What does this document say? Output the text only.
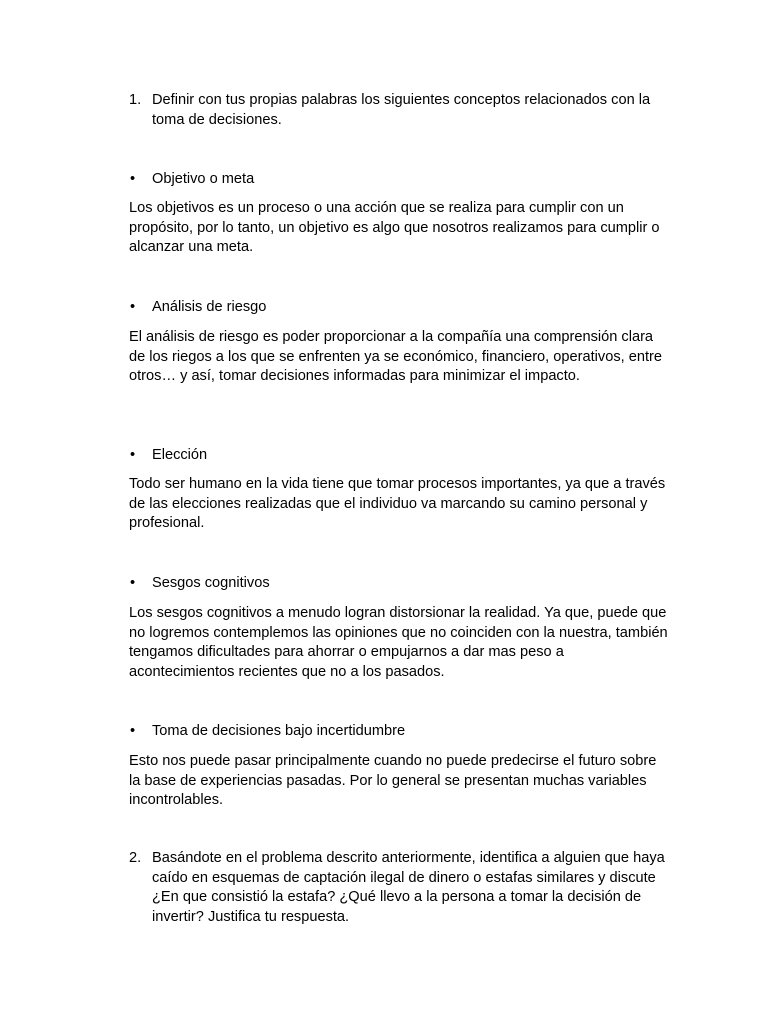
1. Definir con tus propias palabras los siguientes conceptos relacionados con la toma de decisiones.
• Objetivo o meta
Los objetivos es un proceso o una acción que se realiza para cumplir con un propósito, por lo tanto, un objetivo es algo que nosotros realizamos para cumplir o alcanzar una meta.
• Análisis de riesgo
El análisis de riesgo es poder proporcionar a la compañía una comprensión clara de los riegos a los que se enfrenten ya se económico, financiero, operativos, entre otros… y así, tomar decisiones informadas para minimizar el impacto.
• Elección
Todo ser humano en la vida tiene que tomar procesos importantes, ya que a través de las elecciones realizadas que el individuo va marcando su camino personal y profesional.
• Sesgos cognitivos
Los sesgos cognitivos a menudo logran distorsionar la realidad. Ya que, puede que no logremos contemplemos las opiniones que no coinciden con la nuestra, también tengamos dificultades para ahorrar o empujarnos a dar mas peso a acontecimientos recientes que no a los pasados.
• Toma de decisiones bajo incertidumbre
Esto nos puede pasar principalmente cuando no puede predecirse el futuro sobre la base de experiencias pasadas. Por lo general se presentan muchas variables incontrolables.
2. Basándote en el problema descrito anteriormente, identifica a alguien que haya caído en esquemas de captación ilegal de dinero o estafas similares y discute ¿En que consistió la estafa? ¿Qué llevo a la persona a tomar la decisión de invertir? Justifica tu respuesta.
